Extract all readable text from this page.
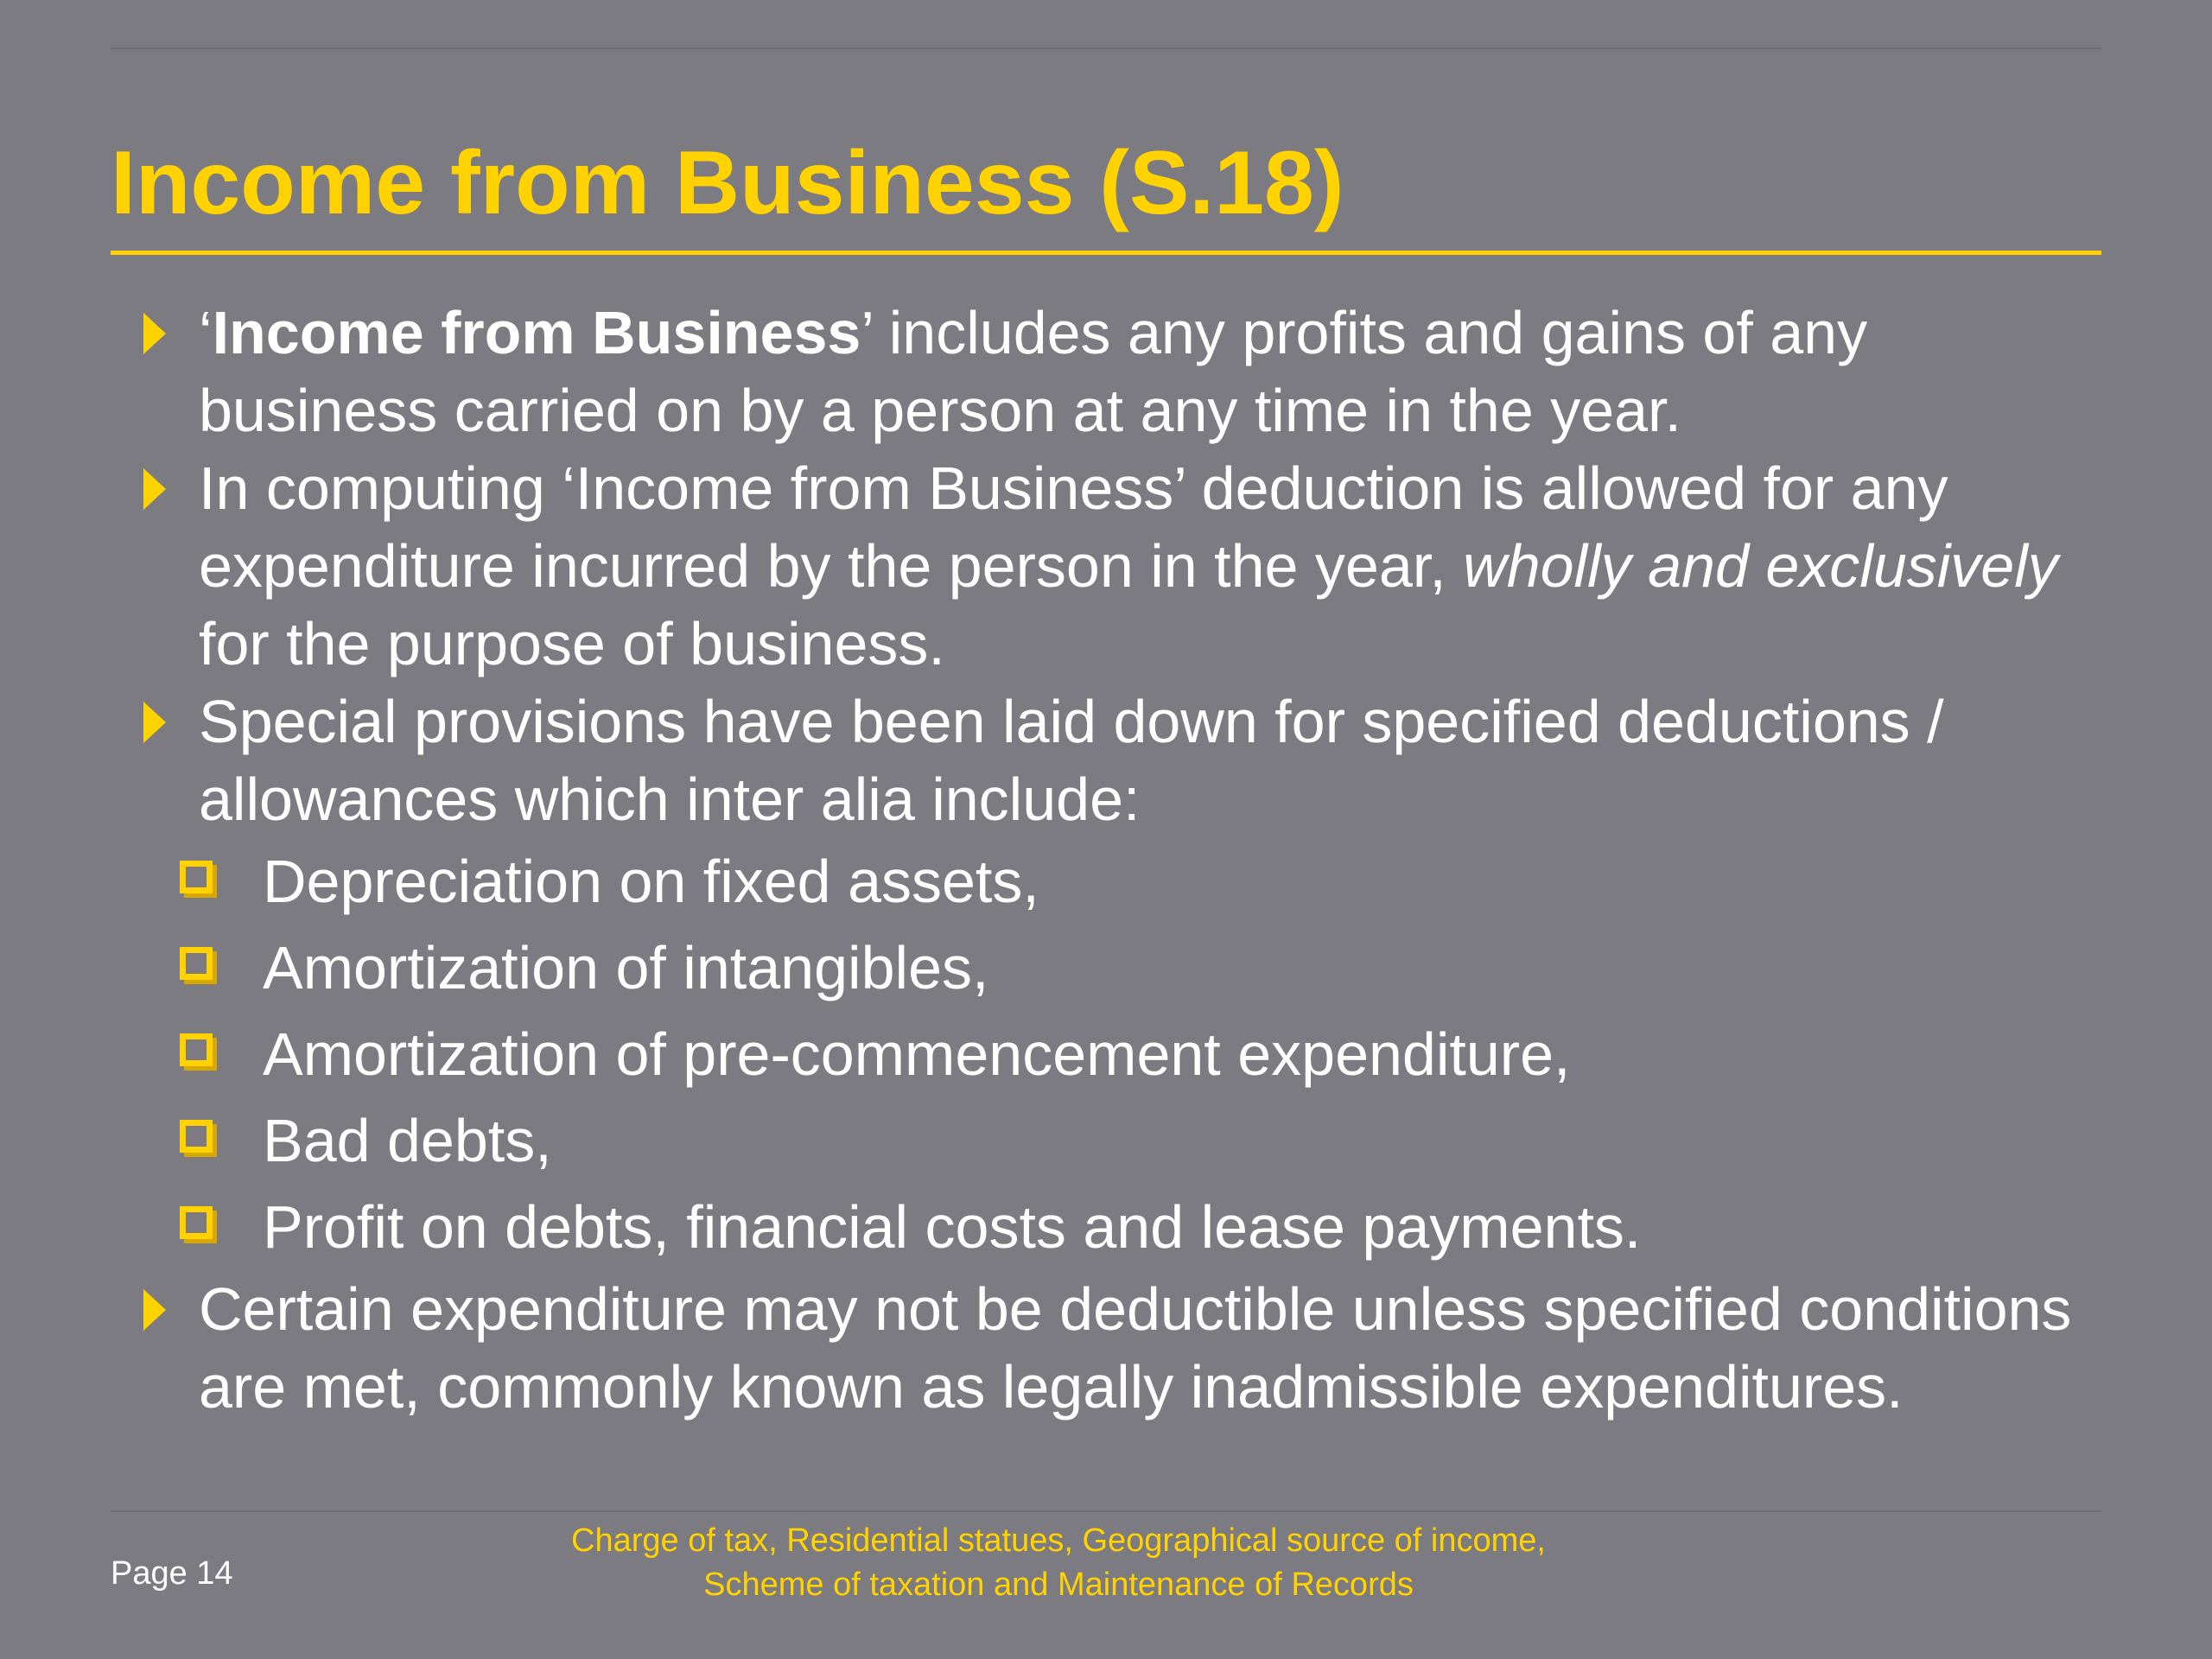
Income from Business (S.18)
‘Income from Business’ includes any profits and gains of any business carried on by a person at any time in the year.
In computing ‘Income from Business’ deduction is allowed for any expenditure incurred by the person in the year, wholly and exclusively for the purpose of business.
Special provisions have been laid down for specified deductions / allowances which inter alia include:
Depreciation on fixed assets,
Amortization of intangibles,
Amortization of pre-commencement expenditure,
Bad debts,
Profit on debts, financial costs and lease payments.
Certain expenditure may not be deductible unless specified conditions are met, commonly known as legally inadmissible expenditures.
Page 14
Charge of tax, Residential statues, Geographical source of income,
Scheme of taxation and Maintenance of Records
